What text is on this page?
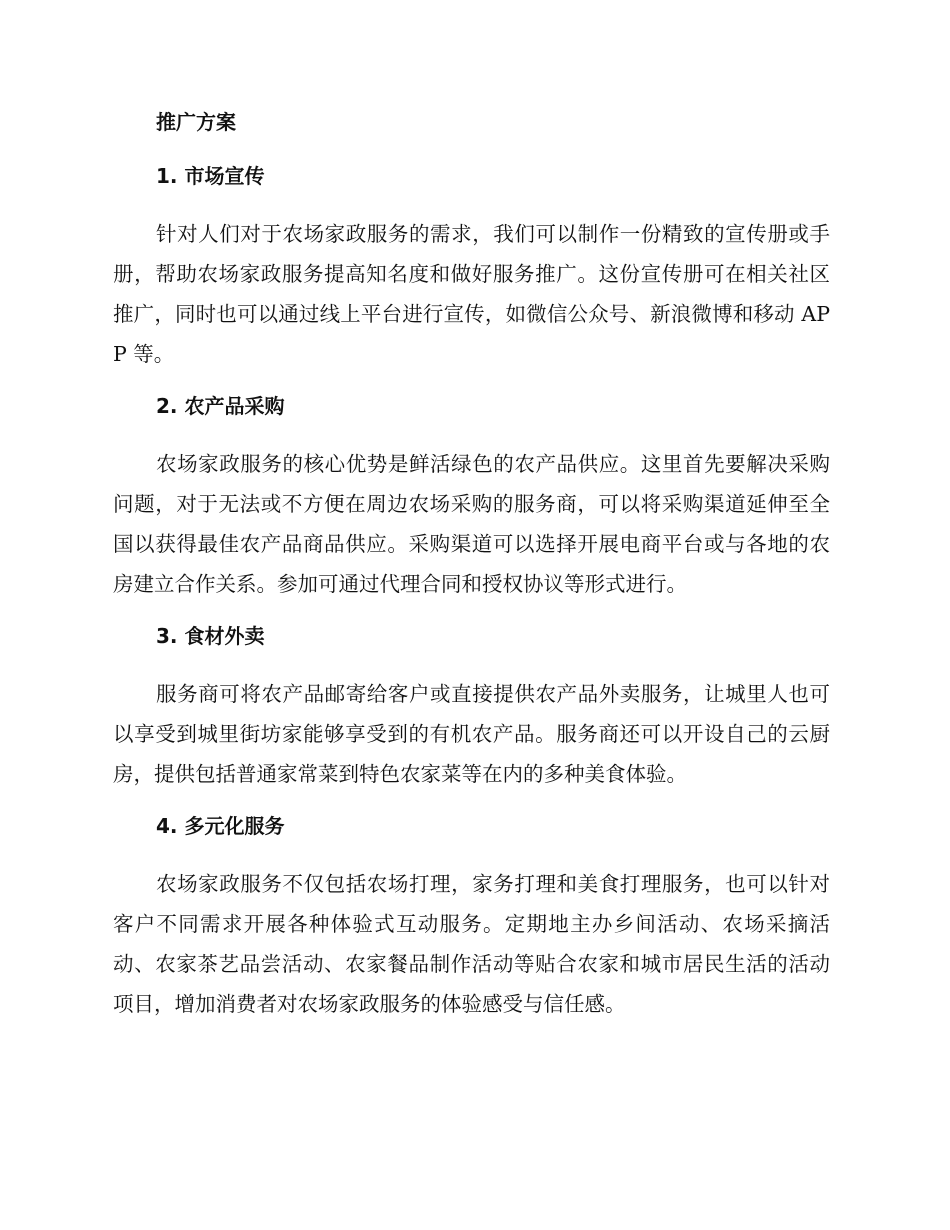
推广方案
1. 市场宣传

针对人们对于农场家政服务的需求，我们可以制作一份精致的宣传册或手册，帮助农场家政服务提高知名度和做好服务推广。这份宣传册可在相关社区推广，同时也可以通过线上平台进行宣传，如微信公众号、新浪微博和移动 APP 等。

2. 农产品采购

农场家政服务的核心优势是鲜活绿色的农产品供应。这里首先要解决采购问题，对于无法或不方便在周边农场采购的服务商，可以将采购渠道延伸至全国以获得最佳农产品商品供应。采购渠道可以选择开展电商平台或与各地的农房建立合作关系。参加可通过代理合同和授权协议等形式进行。

3. 食材外卖

服务商可将农产品邮寄给客户或直接提供农产品外卖服务，让城里人也可以享受到城里街坊家能够享受到的有机农产品。服务商还可以开设自己的云厨房，提供包括普通家常菜到特色农家菜等在内的多种美食体验。

4. 多元化服务

农场家政服务不仅包括农场打理，家务打理和美食打理服务，也可以针对客户不同需求开展各种体验式互动服务。定期地主办乡间活动、农场采摘活动、农家茶艺品尝活动、农家餐品制作活动等贴合农家和城市居民生活的活动项目，增加消费者对农场家政服务的体验感受与信任感。
